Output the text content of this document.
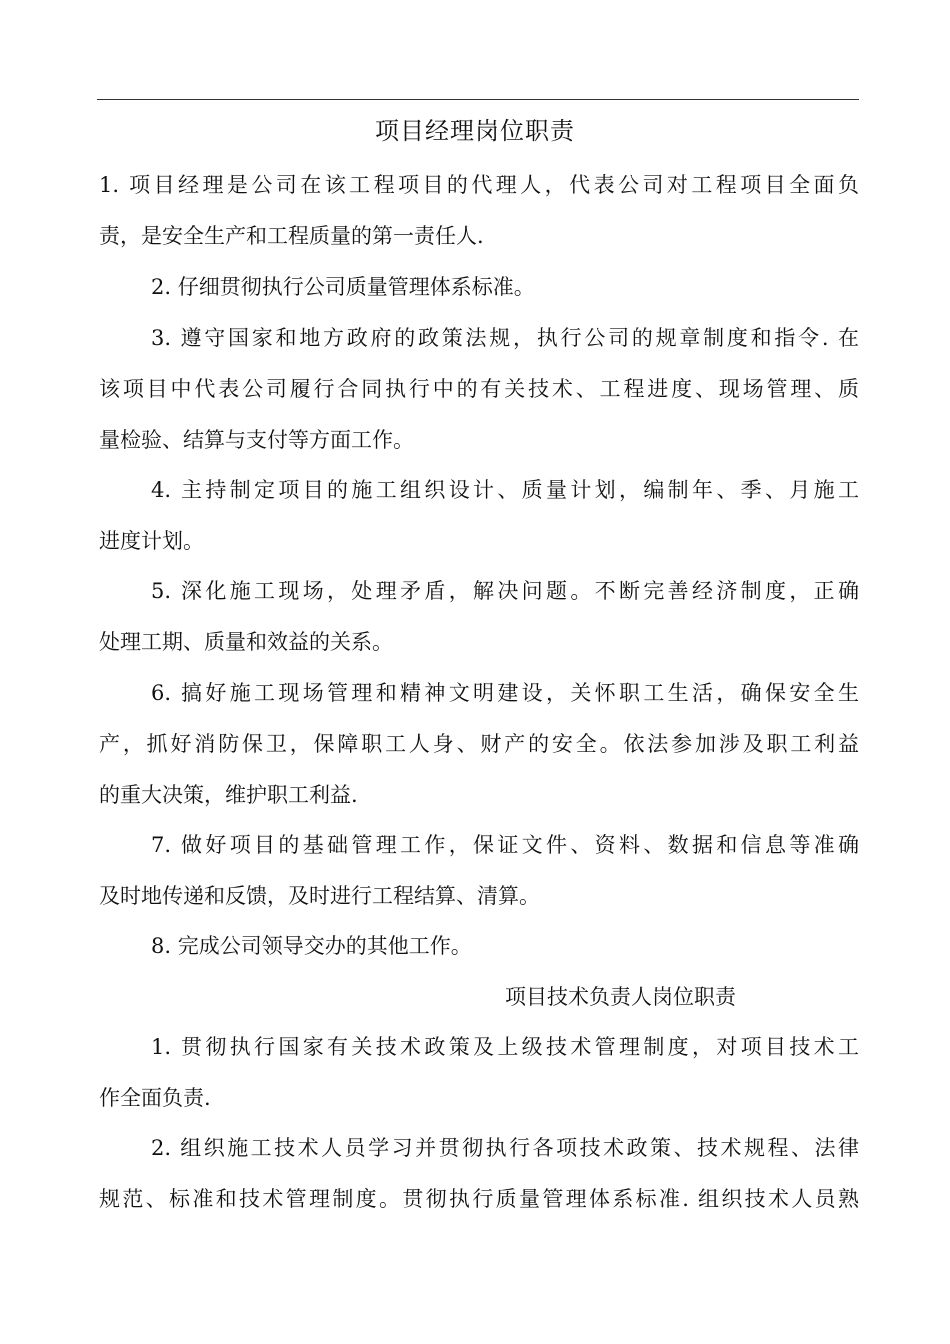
项目经理岗位职责
1. 项目经理是公司在该工程项目的代理人，代表公司对工程项目全面负
责，是安全生产和工程质量的第一责任人.
2. 仔细贯彻执行公司质量管理体系标准。
3. 遵守国家和地方政府的政策法规，执行公司的规章制度和指令. 在
该项目中代表公司履行合同执行中的有关技术、工程进度、现场管理、质
量检验、结算与支付等方面工作。
4. 主持制定项目的施工组织设计、质量计划，编制年、季、月施工
进度计划。
5. 深化施工现场，处理矛盾，解决问题。不断完善经济制度，正确
处理工期、质量和效益的关系。
6. 搞好施工现场管理和精神文明建设，关怀职工生活，确保安全生
产，抓好消防保卫，保障职工人身、财产的安全。依法参加涉及职工利益
的重大决策，维护职工利益.
7. 做好项目的基础管理工作，保证文件、资料、数据和信息等准确
及时地传递和反馈，及时进行工程结算、清算。
8. 完成公司领导交办的其他工作。
项目技术负责人岗位职责
1. 贯彻执行国家有关技术政策及上级技术管理制度，对项目技术工
作全面负责.
2. 组织施工技术人员学习并贯彻执行各项技术政策、技术规程、法律
规范、标准和技术管理制度。贯彻执行质量管理体系标准. 组织技术人员熟
